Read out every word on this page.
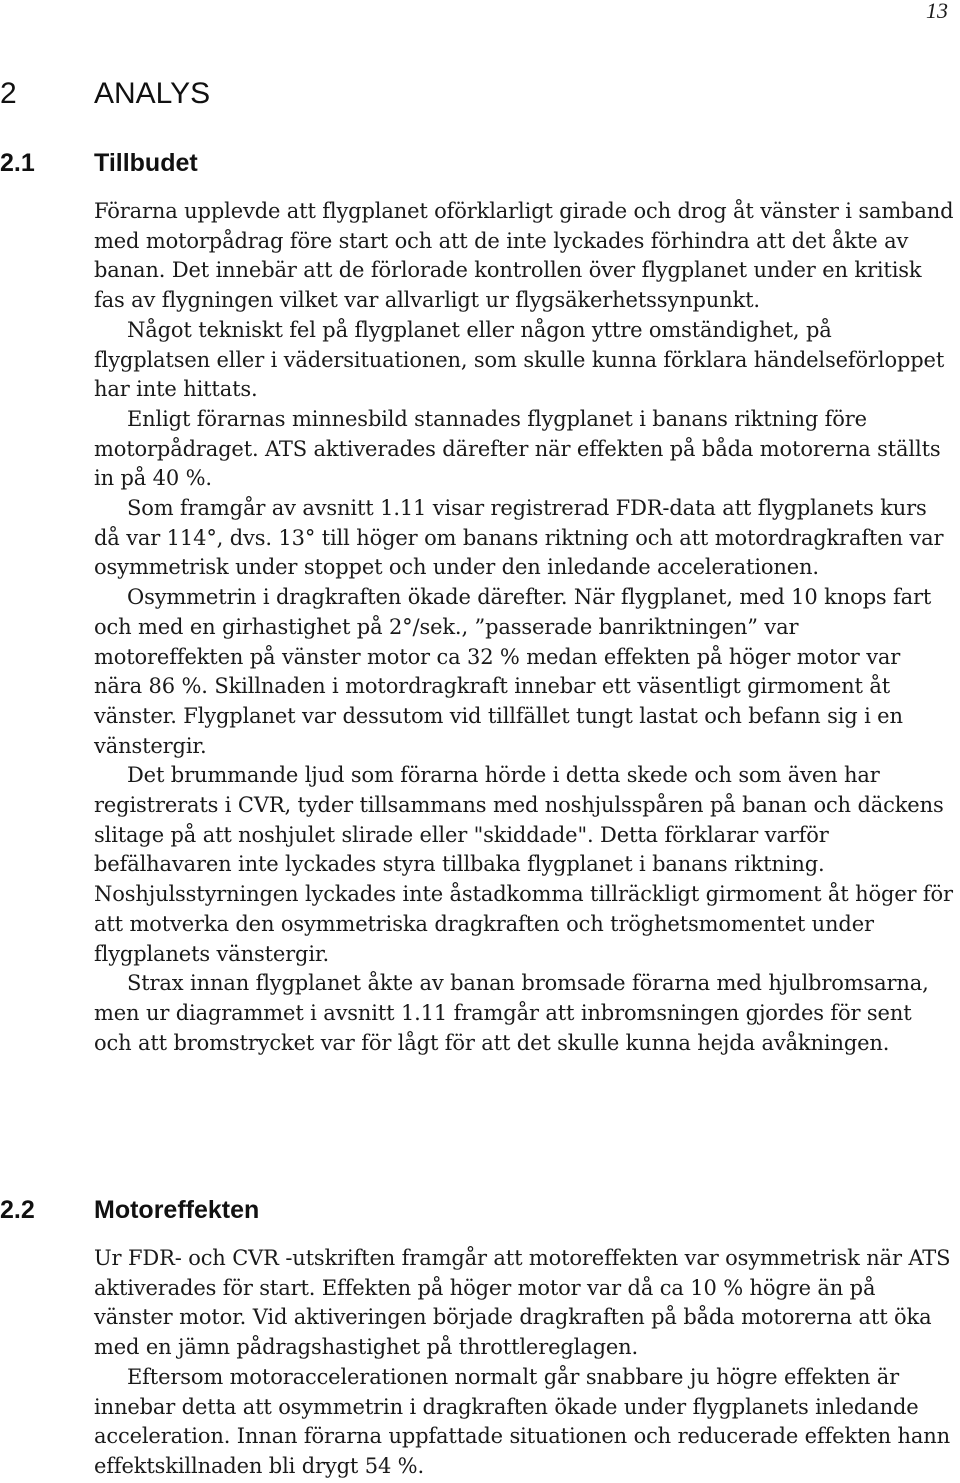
13
2	ANALYS
2.1 Tillbudet

Förarna upplevde att flygplanet oförklarligt girade och drog åt vänster i samband med motorpådrag före start och att de inte lyckades förhindra att det åkte av banan. Det innebär att de förlorade kontrollen över flygplanet under en kritisk fas av flygningen vilket var allvarligt ur flygsäkerhetssynpunkt.

Något tekniskt fel på flygplanet eller någon yttre omständighet, på flygplatsen eller i vädersituationen, som skulle kunna förklara händelseförloppet har inte hittats.

Enligt förarnas minnesbild stannades flygplanet i banans riktning före motorpådraget. ATS aktiverades därefter när effekten på båda motorerna ställts in på 40 %.

Som framgår av avsnitt 1.11 visar registrerad FDR-data att flygplanets kurs då var 114°, dvs. 13° till höger om banans riktning och att motordragkraften var osymmetrisk under stoppet och under den inledande accelerationen.

Osymmetrin i dragkraften ökade därefter. När flygplanet, med 10 knops fart och med en girhastighet på 2°/sek., ”passerade banriktningen” var motoreffekten på vänster motor ca 32 % medan effekten på höger motor var nära 86 %. Skillnaden i motordragkraft innebar ett väsentligt girmoment åt vänster. Flygplanet var dessutom vid tillfället tungt lastat och befann sig i en vänstergir.

Det brummande ljud som förarna hörde i detta skede och som även har registrerats i CVR, tyder tillsammans med noshjulsspåren på banan och däckens slitage på att noshjulet slirade eller "skiddade". Detta förklarar varför befälhavaren inte lyckades styra tillbaka flygplanet i banans riktning. Noshjulsstyrningen lyckades inte åstadkomma tillräckligt girmoment åt höger för att motverka den osymmetriska dragkraften och tröghetsmomentet under flygplanets vänstergir.

Strax innan flygplanet åkte av banan bromsade förarna med hjulbromsarna, men ur diagrammet i avsnitt 1.11 framgår att inbromsningen gjordes för sent och att bromstrycket var för lågt för att det skulle kunna hejda avåkningen.

2.2 Motoreffekten

Ur FDR- och CVR -utskriften framgår att motoreffekten var osymmetrisk när ATS aktiverades för start. Effekten på höger motor var då ca 10 % högre än på vänster motor. Vid aktiveringen började dragkraften på båda motorerna att öka med en jämn pådragshastighet på throttlereglagen.

Eftersom motoraccelerationen normalt går snabbare ju högre effekten är innebar detta att osymmetrin i dragkraften ökade under flygplanets inledande acceleration. Innan förarna uppfattade situationen och reducerade effekten hann effektskillnaden bli drygt 54 %.
